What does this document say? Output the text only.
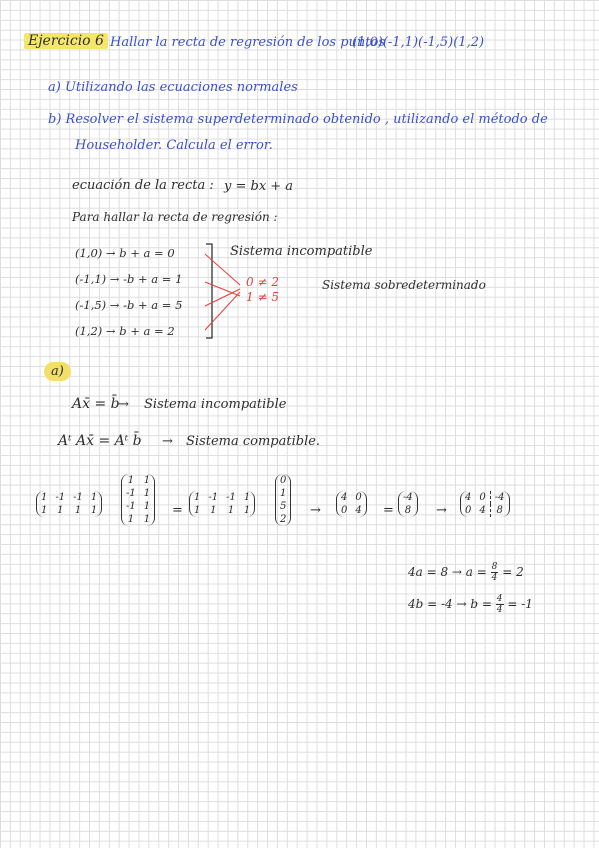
Ejercicio 6 Hallar la recta de regresión de los puntos
(1,0)(-1,1)(-1,5)(1,2)
a) Utilizando las ecuaciones normales
b) Resolver el sistema superdeterminado obtenido , utilizando el método de
Householder. Calcula el error.
ecuación de la recta : y = bx + a
Para hallar la recta de regresión :
(1,0) → b + a = 0
(-1,1) → -b + a = 1
(-1,5) → -b + a = 5
(1,2) → b + a = 2
Sistema incompatible
0 ≠ 2
1 ≠ 5
Sistema sobredeterminado
a)
Ax̄ = b̄
→ Sistema incompatible
Aᵗ Ax̄ = Aᵗ b̄ → Sistema compatible.
1	-1	-1	1
1	1	1	1
1	1
-1	1
-1	1
1	1
=
1	-1	-1	1
1	1	1	1
0
1
5
2
→
4	0
0	4 =
-4
8 →
4	0	-4
0	4	8
$4a = 8 \to a = \frac{8}{4} = 2$
$4b = -4 \to b = \frac{4}{4} = -1$
